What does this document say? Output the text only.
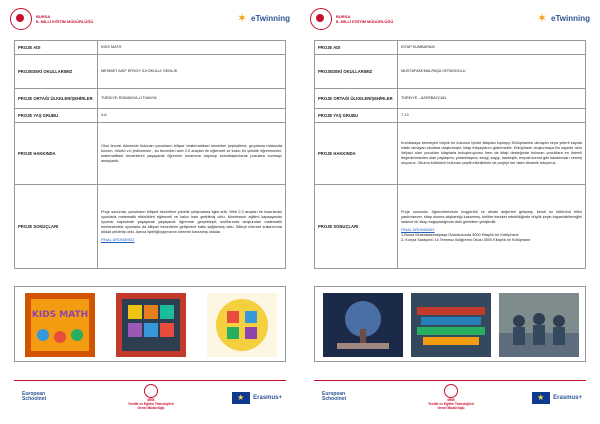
BURSA
İL MİLLİ EĞİTİM MÜDÜRLÜĞÜ	✶ eTwinning
PROJE ADI	KIDS MATH
PROJEDEKİ OKULLARIMIZ	MEHMET AKİF ERSOY İLKOKULU/ GEMLİK
PROJE ORTAĞI ÜLKELER/ŞEHİRLER	TÜRKİYE-ROMANYA-LİTVANYA
PROJE YAŞ GRUBU	3-6
PROJE HAKKINDA	Okul öncesi dönemde bulunan çocukların bilişse /matematiksel becerileri (eşleştirme, gruplama makanda konum, örüntü v.b.)edinmesin , bu becerileri web 2.0 araçları ile eğlenceli ve kalıcı bir şekilde öğrenmesini, matematiksel becerilerini yaşayarak öğrenme kuramına dayanıp somutlaştırılarak pozulara sunmayı amaçladık.
PROJE SONUÇLARI	Proje sonunda; çocukların bilişsel becerilere yönelik çalışmalara ilgisi arttı. Web 2.0 araçları ile hazırlanan oyunlarla matematik etkinlikleri eğlenceli ve kalıcı hale getirilmiş oldu. Montessori eğitimi kapsayanlar oyunlar sayesinde yaşayarak yaşayarak öğrenme gerçekleşti; sınıflarında oluşturulan matematik merkezindeki oyunlarla da bilişsel becerilerin gelişimine katkı sağlanmış oldu. Bilinçli internet kullanımına dikkat çekilmiş oldu. Ayrıca İşbirliği/yapmanın önemini kavramış oldular.
FİNAL ÜRÜNÜMÜZ
KIDS MATH
European
Schoolnet	MEB
Yenilik ve Eğitim Teknolojileri
Genel Müdürlüğü
★
Erasmus+
BURSA
İL MİLLİ EĞİTİM MÜDÜRLÜĞÜ	✶ eTwinning
PROJE ADI	KİTAP KUMBARAM
PROJEDEKİ OKULLARIMIZ	MUSTAFAKEMALPAŞA ORTAOKULU
PROJE ORTAĞI ÜLKELER/ŞEHİRLER	TÜRKİYE - AZERBAYCAN
PROJE YAŞ GRUBU	7-13
PROJE HAKKINDA	Kumbaraya benzeyen büyük bir kutunun içinde kitapları toplayıp Kütüphanesi olmayan veya yeterli sayıda kitabı olmayan okullara ulaştırmıştır, kitap ihtiyaçlarını gidermektir, Kütüphane oluşturmaya Bu sayede hem ihtiyacı olan çocukları kitaplarla buluşturuyoruz hem de kitap desteğinde bulunan çocuklara en önemli değerlerimizden olan paylaşma, yardımlaşma, sevgi, saygı, hardeşlik, empati kurma gibi kazanımları vermiş oluyoruz. Okuma kültürünü bulunan çeşitli etkinliklerle de projeyi her daim dinamik tutuyoruz.
PROJE SONUÇLARI	Proje sonunda; öğrencilerimizin hoşgörülü ve ahlaki değerleri gelişmiş, kendi öz kütürünü bilen yardımsever, kitap okuma alışkanlığı kazanmış, birlikte hareket edebildiğinde büyük şeyin başarılabileceğini sadece bir kitap bağışladığında dahi görebilen yetiştirdik.
FİNAL ÜRÜNÜMÜZ
1-Bursa Mustafakemalpaşa Ortaokulunda 3000 Kitaplık bir Kütüphane
2- Konya Sarayönü 15 Temmuz Ilköğretmi Okulu 3500 Kitaplık bir Kütüphane
European
Schoolnet	MEB
Yenilik ve Eğitim Teknolojileri
Genel Müdürlüğü
★
Erasmus+
